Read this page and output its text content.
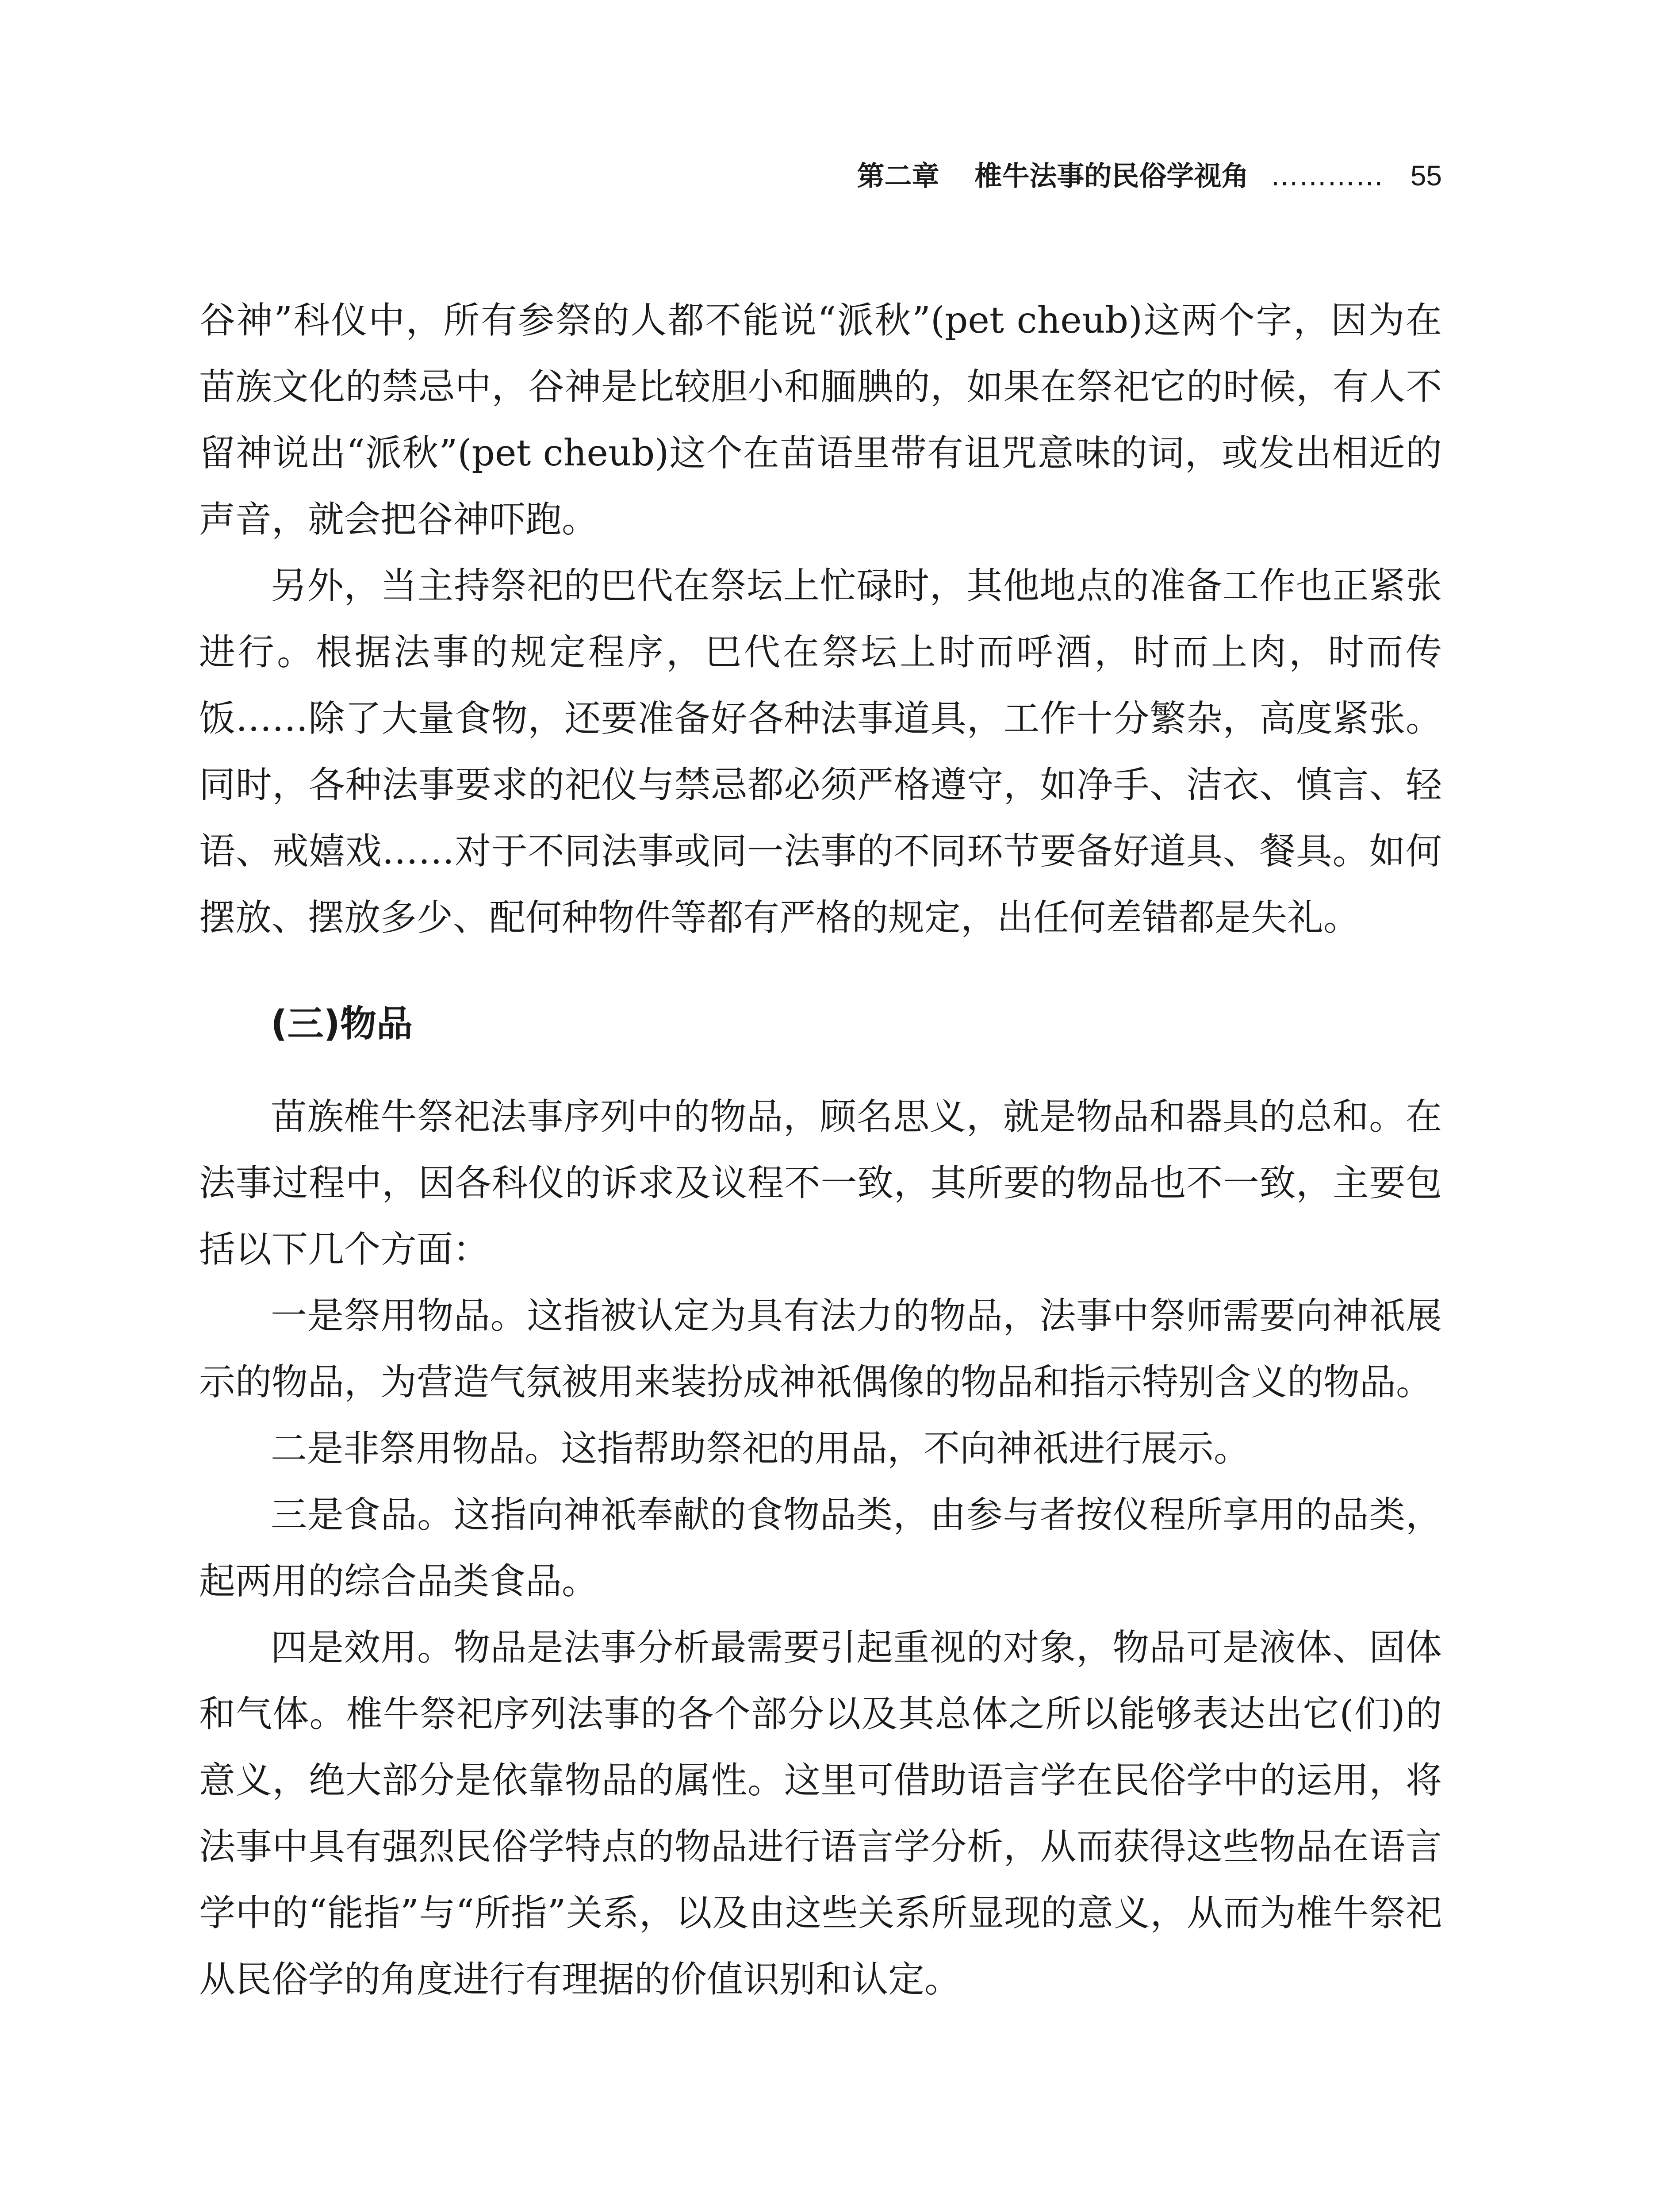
第二章 椎牛法事的民俗学视角 ………… 55

谷神”科仪中，所有参祭的人都不能说“派秋”(pet cheub)这两个字，因为在苗族文化的禁忌中，谷神是比较胆小和腼腆的，如果在祭祀它的时候，有人不留神说出“派秋”(pet cheub)这个在苗语里带有诅咒意味的词，或发出相近的声音，就会把谷神吓跑。

另外，当主持祭祀的巴代在祭坛上忙碌时，其他地点的准备工作也正紧张进行。根据法事的规定程序，巴代在祭坛上时而呼酒，时而上肉，时而传饭……除了大量食物，还要准备好各种法事道具，工作十分繁杂，高度紧张。同时，各种法事要求的祀仪与禁忌都必须严格遵守，如净手、洁衣、慎言、轻语、戒嬉戏……对于不同法事或同一法事的不同环节要备好道具、餐具。如何摆放、摆放多少、配何种物件等都有严格的规定，出任何差错都是失礼。

(三)物品

苗族椎牛祭祀法事序列中的物品，顾名思义，就是物品和器具的总和。在法事过程中，因各科仪的诉求及议程不一致，其所要的物品也不一致，主要包括以下几个方面：

一是祭用物品。这指被认定为具有法力的物品，法事中祭师需要向神祇展示的物品，为营造气氛被用来装扮成神祇偶像的物品和指示特别含义的物品。

二是非祭用物品。这指帮助祭祀的用品，不向神祇进行展示。

三是食品。这指向神祇奉献的食物品类，由参与者按仪程所享用的品类，起两用的综合品类食品。

四是效用。物品是法事分析最需要引起重视的对象，物品可是液体、固体和气体。椎牛祭祀序列法事的各个部分以及其总体之所以能够表达出它(们)的意义，绝大部分是依靠物品的属性。这里可借助语言学在民俗学中的运用，将法事中具有强烈民俗学特点的物品进行语言学分析，从而获得这些物品在语言学中的“能指”与“所指”关系，以及由这些关系所显现的意义，从而为椎牛祭祀从民俗学的角度进行有理据的价值识别和认定。
